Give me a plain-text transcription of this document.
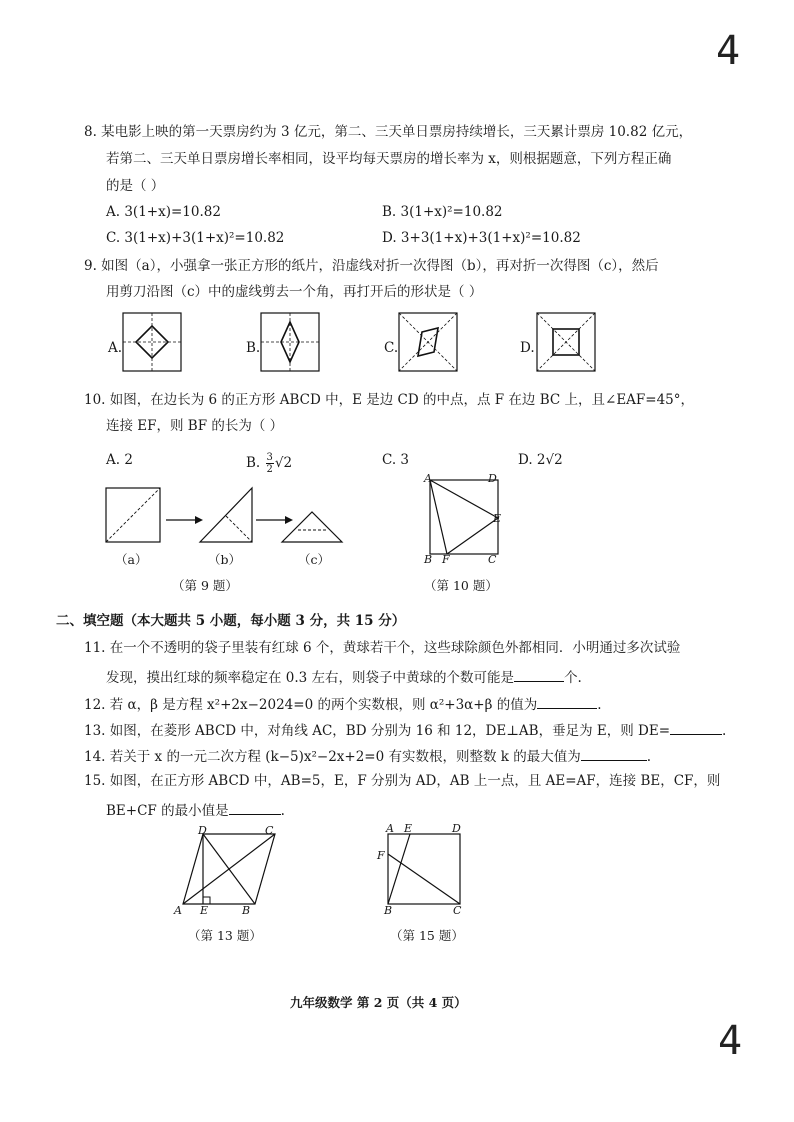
4
4
8. 某电影上映的第一天票房约为 3 亿元，第二、三天单日票房持续增长，三天累计票房 10.82 亿元，
若第二、三天单日票房增长率相同，设平均每天票房的增长率为 x，则根据题意，下列方程正确
的是（ ）
A. 3(1+x)=10.82	B. 3(1+x)²=10.82
C. 3(1+x)+3(1+x)²=10.82	D. 3+3(1+x)+3(1+x)²=10.82
9. 如图（a），小强拿一张正方形的纸片，沿虚线对折一次得图（b），再对折一次得图（c），然后
用剪刀沿图（c）中的虚线剪去一个角，再打开后的形状是（ ）
A.	B.	C.	D.
10. 如图，在边长为 6 的正方形 ABCD 中，E 是边 CD 的中点，点 F 在边 BC 上，且∠EAF=45°，
连接 EF，则 BF 的长为（ ）
A. 2	B. $\frac{3}{2} √2$	C. 3	D. 2√2
（a）	（b）	（c）
（第 9 题）
A	D
E
B F	C
（第 10 题）
二、填空题（本大题共 5 小题，每小题 3 分，共 15 分）
11. 在一个不透明的袋子里装有红球 6 个，黄球若干个，这些球除颜色外都相同．小明通过多次试验
发现，摸出红球的频率稳定在 0.3 左右，则袋子中黄球的个数可能是	个.
12. 若 α，β 是方程 x²+2x−2024=0 的两个实数根，则 α²+3α+β 的值为	.
13. 如图，在菱形 ABCD 中，对角线 AC，BD 分别为 16 和 12，DE⊥AB，垂足为 E，则 DE=	.
14. 若关于 x 的一元二次方程 (k−5)x²−2x+2=0 有实数根，则整数 k 的最大值为	.
15. 如图，在正方形 ABCD 中，AB=5，E，F 分别为 AD，AB 上一点，且 AE=AF，连接 BE，CF，则
BE+CF 的最小值是	.
D	C
A E	B
（第 13 题）
A E	D
F
B	C
（第 15 题）
九年级数学 第 2 页（共 4 页）
